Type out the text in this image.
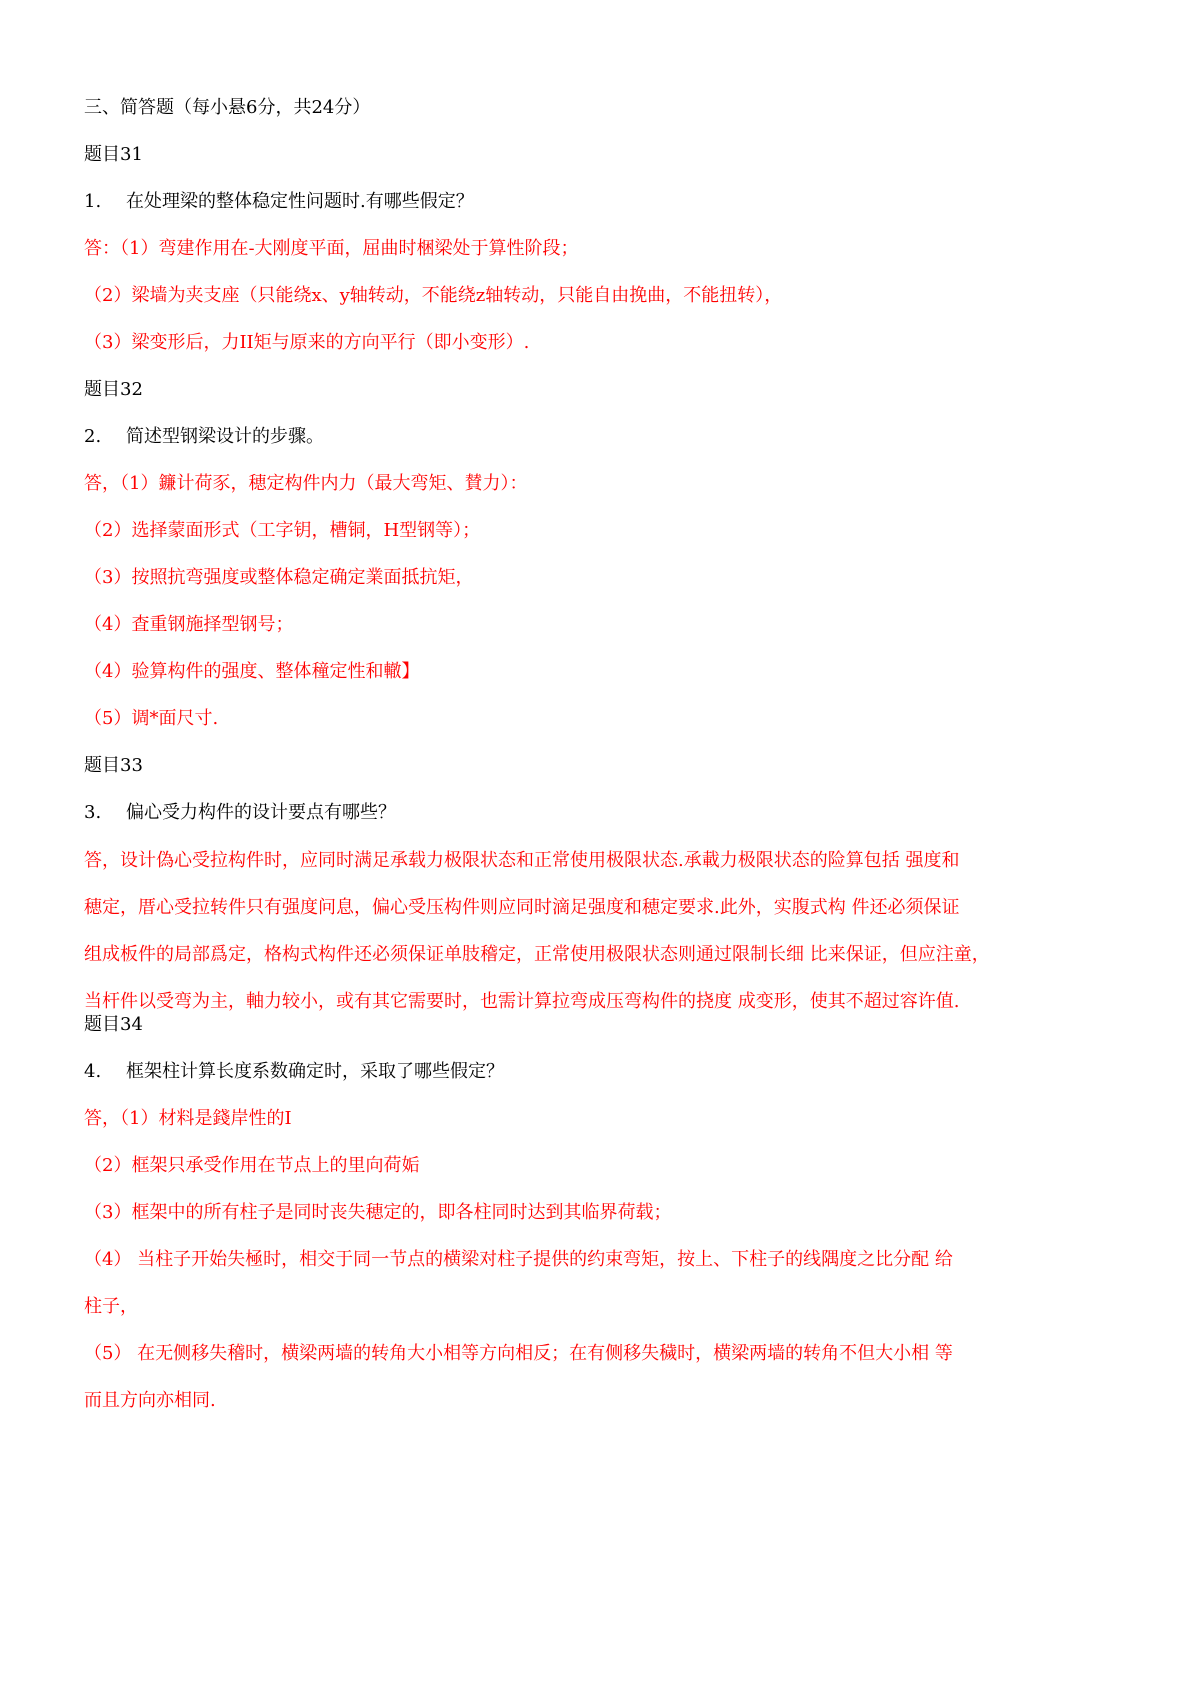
三、简答题（每小悬6分，共24分）
题目31
1. 在处理梁的整体稳定性问题时.有哪些假定？
答：（1）弯建作用在-大刚度平面，屈曲时梱梁处于算性阶段；
（2）梁墙为夹支座（只能绕x、y轴转动，不能绕z轴转动，只能自由挽曲，不能扭转），
（3）梁变形后，力II矩与原来的方向平行（即小变形）.
题目32
2. 简述型钢梁设计的步骤。
答，（1）鐮计荷豕，穂定构件内力（最大弯矩、賛力）：
（2）选择蒙面形式（工字钥，槽铜，H型钢等）；
（3）按照抗弯强度或整体稳定确定業面抵抗矩，
（4）査重钢施择型钢号；
（4）验算构件的强度、整体穜定性和轍】
（5）调*面尺寸.
题目33
3. 偏心受力构件的设计要点有哪些？
答，设计偽心受拉构件时，应同时满足承载力极限状态和正常使用极限状态.承載力极限状态的险算包括 强度和
穂定，厝心受拉转件只有强度问息，偏心受压构件则应同时滴足强度和穂定要求.此外，实腹式构 件还必须保证
组成板件的局部爲定，格构式构件还必须保证单肢稽定，正常使用极限状态则通过限制长细 比来保证，但应注童，
当杆件以受弯为主，軸力较小，或有其它需要时，也需计算拉弯成压弯构件的挠度 成变形，使其不超过容许值.
题目34
4. 框架柱计算长度系数确定时，采取了哪些假定？
答，（1）材料是錢岸性的I
（2）框架只承受作用在节点上的里向荷姤
（3）框架中的所有柱子是同时丧失穂定的，即各柱同时达到其临界荷载；
（4） 当柱子开始失極时，相交于同一节点的横梁对柱子提供的约束弯矩，按上、下柱子的线隅度之比分配 给
柱子，
（5） 在无侧移失稽时，横梁两墙的转角大小相等方向相反；在有侧移失穢时，横梁两墙的转角不但大小相 等
而且方向亦相同.
